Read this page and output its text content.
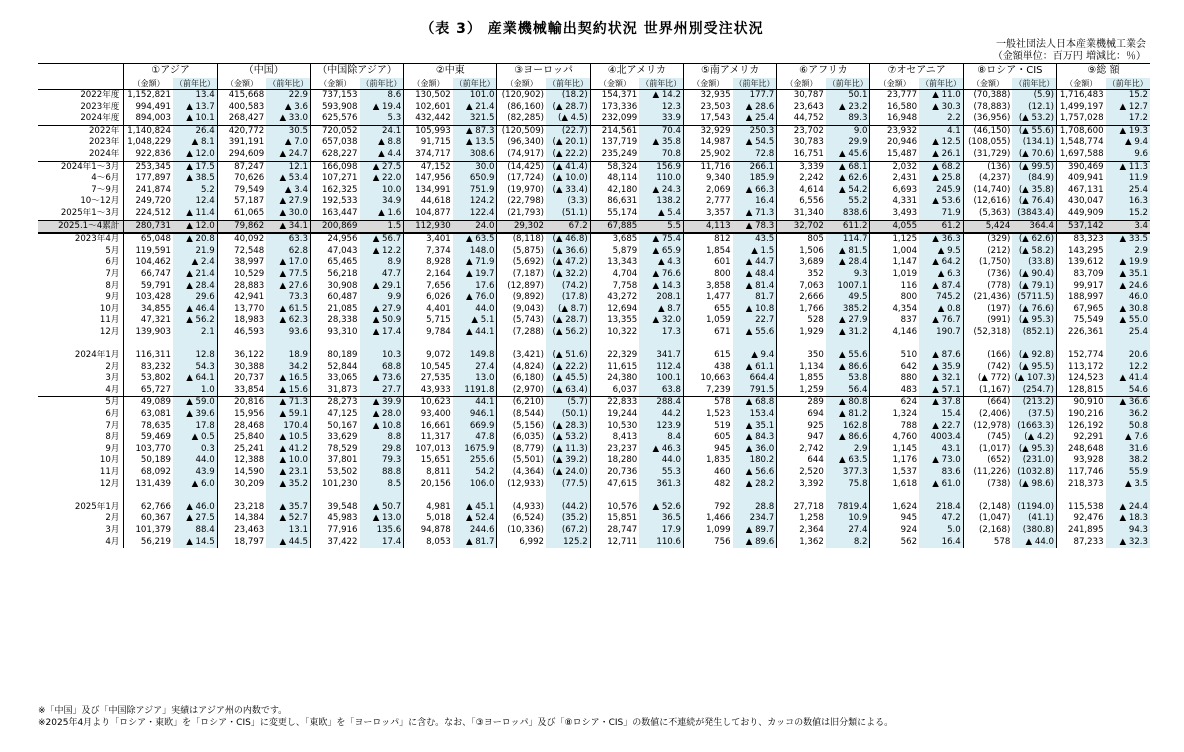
（表 3） 産業機械輸出契約状況 世界州別受注状況
一般社団法人日本産業機械工業会
（金額単位：百万円 増減比：％）
	①アジア		（中国）		（中国除アジア）		②中東		③ヨーロッパ		④北アメリカ		⑤南アメリカ		⑥アフリカ		⑦オセアニア		⑧ロシア・CIS		⑨総 額	
	（金額）	（前年比）	（金額）	（前年比）	（金額）	（前年比）	（金額）	（前年比）	（金額）	（前年比）	（金額）	（前年比）	（金額）	（前年比）	（金額）	（前年比）	（金額）	（前年比）	（金額）	（前年比）	（金額）	（前年比）
2022年度	1,152,821	13.4	415,668	22.9	737,153	8.6	130,502	101.0	(120,902)	(18.2)	154,371	▲ 14.2	32,935	177.7	30,787	50.1	23,777	▲ 11.0	(70,388)	(5.9)	1,716,483	15.2
2023年度	994,491	▲ 13.7	400,583	▲ 3.6	593,908	▲ 19.4	102,601	▲ 21.4	(86,160)	(▲ 28.7)	173,336	12.3	23,503	▲ 28.6	23,643	▲ 23.2	16,580	▲ 30.3	(78,883)	(12.1)	1,499,197	▲ 12.7
2024年度	894,003	▲ 10.1	268,427	▲ 33.0	625,576	5.3	432,442	321.5	(82,285)	(▲ 4.5)	232,099	33.9	17,543	▲ 25.4	44,752	89.3	16,948	2.2	(36,956)	(▲ 53.2)	1,757,028	17.2
2022年	1,140,824	26.4	420,772	30.5	720,052	24.1	105,993	▲ 87.3	(120,509)	(22.7)	214,561	70.4	32,929	250.3	23,702	9.0	23,932	4.1	(46,150)	(▲ 55.6)	1,708,600	▲ 19.3
2023年	1,048,229	▲ 8.1	391,191	▲ 7.0	657,038	▲ 8.8	91,715	▲ 13.5	(96,340)	(▲ 20.1)	137,719	▲ 35.8	14,987	▲ 54.5	30,783	29.9	20,946	▲ 12.5	(108,055)	(134.1)	1,548,774	▲ 9.4
2024年	922,836	▲ 12.0	294,609	▲ 24.7	628,227	▲ 4.4	374,717	308.6	(74,917)	(▲ 22.2)	235,249	70.8	25,902	72.8	16,751	▲ 45.6	15,487	▲ 26.1	(31,729)	(▲ 70.6)	1,697,588	9.6
2024年1～3月	253,345	▲ 17.5	87,247	12.1	166,098	▲ 27.5	47,152	30.0	(14,425)	(▲ 41.4)	58,324	156.9	11,716	266.1	3,339	▲ 68.1	2,032	▲ 68.2	(136)	(▲ 99.5)	390,469	▲ 11.3
4～6月	177,897	▲ 38.5	70,626	▲ 53.4	107,271	▲ 22.0	147,956	650.9	(17,724)	(▲ 10.0)	48,114	110.0	9,340	185.9	2,242	▲ 62.6	2,431	▲ 25.8	(4,237)	(84.9)	409,941	11.9
7～9月	241,874	5.2	79,549	▲ 3.4	162,325	10.0	134,991	751.9	(19,970)	(▲ 33.4)	42,180	▲ 24.3	2,069	▲ 66.3	4,614	▲ 54.2	6,693	245.9	(14,740)	(▲ 35.8)	467,131	25.4
10～12月	249,720	12.4	57,187	▲ 27.9	192,533	34.9	44,618	124.2	(22,798)	(3.3)	86,631	138.2	2,777	16.4	6,556	55.2	4,331	▲ 53.6	(12,616)	(▲ 76.4)	430,047	16.3
2025年1～3月	224,512	▲ 11.4	61,065	▲ 30.0	163,447	▲ 1.6	104,877	122.4	(21,793)	(51.1)	55,174	▲ 5.4	3,357	▲ 71.3	31,340	838.6	3,493	71.9	(5,363)	(3843.4)	449,909	15.2
2025.1～4累計	280,731	▲ 12.0	79,862	▲ 34.1	200,869	1.5	112,930	24.0	29,302	67.2	67,885	5.5	4,113	▲ 78.3	32,702	611.2	4,055	61.2	5,424	364.4	537,142	3.4
2023年4月	65,048	▲ 20.8	40,092	63.3	24,956	▲ 56.7	3,401	▲ 63.5	(8,118)	(▲ 46.8)	3,685	▲ 75.4	812	43.5	805	114.7	1,125	▲ 36.3	(329)	(▲ 62.6)	83,323	▲ 33.5
5月	119,591	21.9	72,548	62.8	47,043	▲ 12.2	7,374	148.0	(5,875)	(▲ 36.6)	5,879	▲ 65.9	1,854	▲ 1.5	1,506	▲ 81.5	1,004	▲ 9.5	(212)	(▲ 58.2)	143,295	2.9
6月	104,462	▲ 2.4	38,997	▲ 17.0	65,465	8.9	8,928	▲ 71.9	(5,692)	(▲ 47.2)	13,343	▲ 4.3	601	▲ 44.7	3,689	▲ 28.4	1,147	▲ 64.2	(1,750)	(33.8)	139,612	▲ 19.9
7月	66,747	▲ 21.4	10,529	▲ 77.5	56,218	47.7	2,164	▲ 19.7	(7,187)	(▲ 32.2)	4,704	▲ 76.6	800	▲ 48.4	352	9.3	1,019	▲ 6.3	(736)	(▲ 90.4)	83,709	▲ 35.1
8月	59,791	▲ 28.4	28,883	▲ 27.6	30,908	▲ 29.1	7,656	17.6	(12,897)	(74.2)	7,758	▲ 14.3	3,858	▲ 81.4	7,063	1007.1	116	▲ 87.4	(778)	(▲ 79.1)	99,917	▲ 24.6
9月	103,428	29.6	42,941	73.3	60,487	9.9	6,026	▲ 76.0	(9,892)	(17.8)	43,272	208.1	1,477	81.7	2,666	49.5	800	745.2	(21,436)	(5711.5)	188,997	46.0
10月	34,855	▲ 46.4	13,770	▲ 61.5	21,085	▲ 27.9	4,401	44.0	(9,043)	(▲ 8.7)	12,694	▲ 8.7	655	▲ 10.8	1,766	385.2	4,354	▲ 0.8	(197)	(▲ 76.6)	67,965	▲ 30.8
11月	47,321	▲ 56.2	18,983	▲ 62.3	28,338	▲ 50.9	5,715	▲ 5.1	(5,743)	(▲ 28.7)	13,355	▲ 32.0	1,059	22.7	528	▲ 27.9	837	▲ 76.7	(991)	(▲ 95.3)	75,549	▲ 55.0
12月	139,903	2.1	46,593	93.6	93,310	▲ 17.4	9,784	▲ 44.1	(7,288)	(▲ 56.2)	10,322	17.3	671	▲ 55.6	1,929	▲ 31.2	4,146	190.7	(52,318)	(852.1)	226,361	25.4

2024年1月	116,311	12.8	36,122	18.9	80,189	10.3	9,072	149.8	(3,421)	(▲ 51.6)	22,329	341.7	615	▲ 9.4	350	▲ 55.6	510	▲ 87.6	(166)	(▲ 92.8)	152,774	20.6
2月	83,232	54.3	30,388	34.2	52,844	68.8	10,545	27.4	(4,824)	(▲ 22.2)	11,615	112.4	438	▲ 61.1	1,134	▲ 86.6	642	▲ 35.9	(742)	(▲ 95.5)	113,172	12.2
3月	53,802	▲ 64.1	20,737	▲ 16.5	33,065	▲ 73.6	27,535	13.0	(6,180)	(▲ 45.5)	24,380	100.1	10,663	664.4	1,855	53.8	880	▲ 32.1	(▲ 772)	(▲ 107.3)	124,523	▲ 41.4
4月	65,727	1.0	33,854	▲ 15.6	31,873	27.7	43,933	1191.8	(2,970)	(▲ 63.4)	6,037	63.8	7,239	791.5	1,259	56.4	483	▲ 57.1	(1,167)	(254.7)	128,815	54.6
5月	49,089	▲ 59.0	20,816	▲ 71.3	28,273	▲ 39.9	10,623	44.1	(6,210)	(5.7)	22,833	288.4	578	▲ 68.8	289	▲ 80.8	624	▲ 37.8	(664)	(213.2)	90,910	▲ 36.6
6月	63,081	▲ 39.6	15,956	▲ 59.1	47,125	▲ 28.0	93,400	946.1	(8,544)	(50.1)	19,244	44.2	1,523	153.4	694	▲ 81.2	1,324	15.4	(2,406)	(37.5)	190,216	36.2
7月	78,635	17.8	28,468	170.4	50,167	▲ 10.8	16,661	669.9	(5,156)	(▲ 28.3)	10,530	123.9	519	▲ 35.1	925	162.8	788	▲ 22.7	(12,978)	(1663.3)	126,192	50.8
8月	59,469	▲ 0.5	25,840	▲ 10.5	33,629	8.8	11,317	47.8	(6,035)	(▲ 53.2)	8,413	8.4	605	▲ 84.3	947	▲ 86.6	4,760	4003.4	(745)	(▲ 4.2)	92,291	▲ 7.6
9月	103,770	0.3	25,241	▲ 41.2	78,529	29.8	107,013	1675.9	(8,779)	(▲ 11.3)	23,237	▲ 46.3	945	▲ 36.0	2,742	2.9	1,145	43.1	(1,017)	(▲ 95.3)	248,648	31.6
10月	50,189	44.0	12,388	▲ 10.0	37,801	79.3	15,651	255.6	(5,501)	(▲ 39.2)	18,280	44.0	1,835	180.2	644	▲ 63.5	1,176	▲ 73.0	(652)	(231.0)	93,928	38.2
11月	68,092	43.9	14,590	▲ 23.1	53,502	88.8	8,811	54.2	(4,364)	(▲ 24.0)	20,736	55.3	460	▲ 56.6	2,520	377.3	1,537	83.6	(11,226)	(1032.8)	117,746	55.9
12月	131,439	▲ 6.0	30,209	▲ 35.2	101,230	8.5	20,156	106.0	(12,933)	(77.5)	47,615	361.3	482	▲ 28.2	3,392	75.8	1,618	▲ 61.0	(738)	(▲ 98.6)	218,373	▲ 3.5

2025年1月	62,766	▲ 46.0	23,218	▲ 35.7	39,548	▲ 50.7	4,981	▲ 45.1	(4,933)	(44.2)	10,576	▲ 52.6	792	28.8	27,718	7819.4	1,624	218.4	(2,148)	(1194.0)	115,538	▲ 24.4
2月	60,367	▲ 27.5	14,384	▲ 52.7	45,983	▲ 13.0	5,018	▲ 52.4	(6,524)	(35.2)	15,851	36.5	1,466	234.7	1,258	10.9	945	47.2	(1,047)	(41.1)	92,476	▲ 18.3
3月	101,379	88.4	23,463	13.1	77,916	135.6	94,878	244.6	(10,336)	(67.2)	28,747	17.9	1,099	▲ 89.7	2,364	27.4	924	5.0	(2,168)	(380.8)	241,895	94.3
4月	56,219	▲ 14.5	18,797	▲ 44.5	37,422	17.4	8,053	▲ 81.7	6,992	125.2	12,711	110.6	756	▲ 89.6	1,362	8.2	562	16.4	578	▲ 44.0	87,233	▲ 32.3
※「中国」及び「中国除アジア」実績はアジア州の内数です。
※2025年4月より「ロシア・東欧」を「ロシア・CIS」に変更し、「東欧」を「ヨーロッパ」に含む。なお、「③ヨーロッパ」及び「⑧ロシア・CIS」の数値に不連続が発生しており、カッコの数値は旧分類による。
